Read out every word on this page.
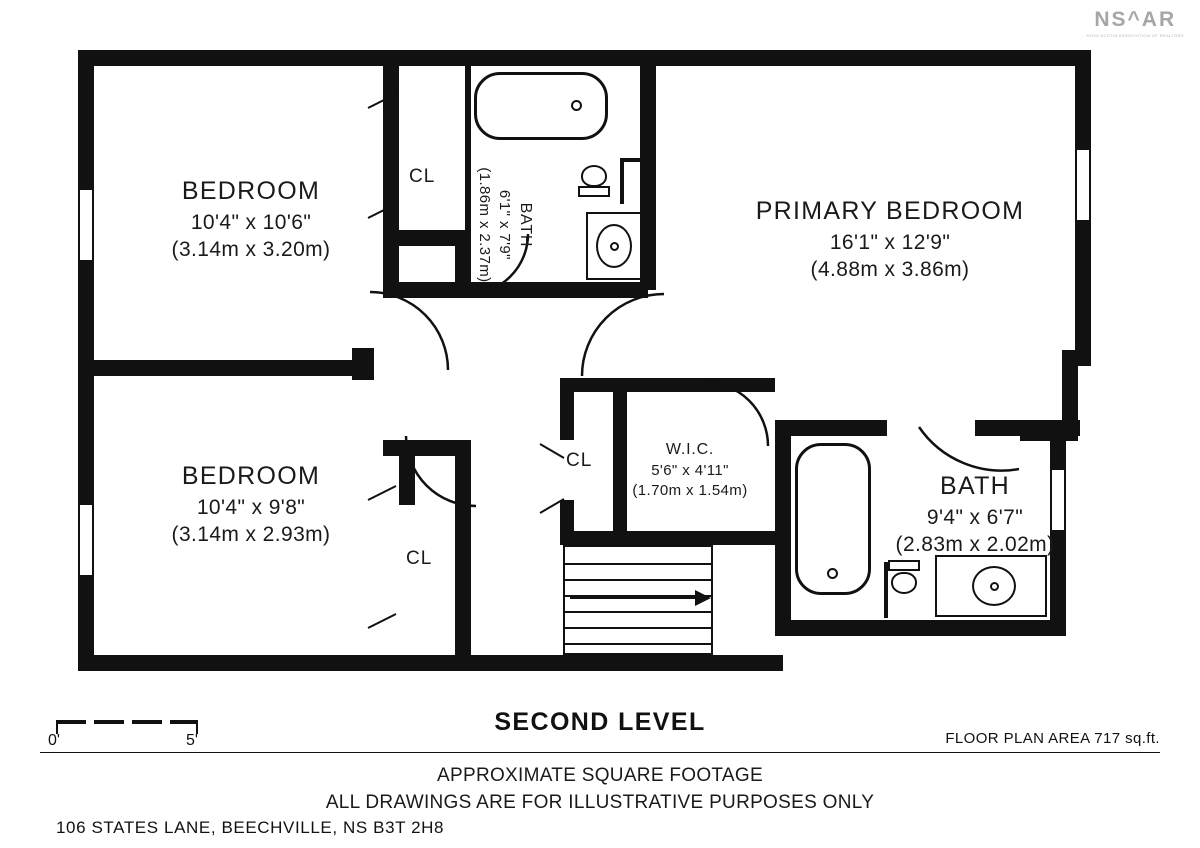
NS^AR
NOVA SCOTIA ASSOCIATION OF REALTORS
BEDROOM
10'4" x 10'6"
(3.14m x 3.20m)
BEDROOM
10'4" x 9'8"
(3.14m x 2.93m)
PRIMARY BEDROOM
16'1" x 12'9"
(4.88m x 3.86m)
BATH
9'4" x 6'7"
(2.83m x 2.02m)
BATH
6'1" x 7'9"
(1.86m x 2.37m)
W.I.C.
5'6" x 4'11"
(1.70m x 1.54m)
CL
CL
CL
SECOND LEVEL
FLOOR PLAN AREA 717 sq.ft.
0'	5'
APPROXIMATE SQUARE FOOTAGE
ALL DRAWINGS ARE FOR ILLUSTRATIVE PURPOSES ONLY
106 STATES LANE, BEECHVILLE, NS B3T 2H8
